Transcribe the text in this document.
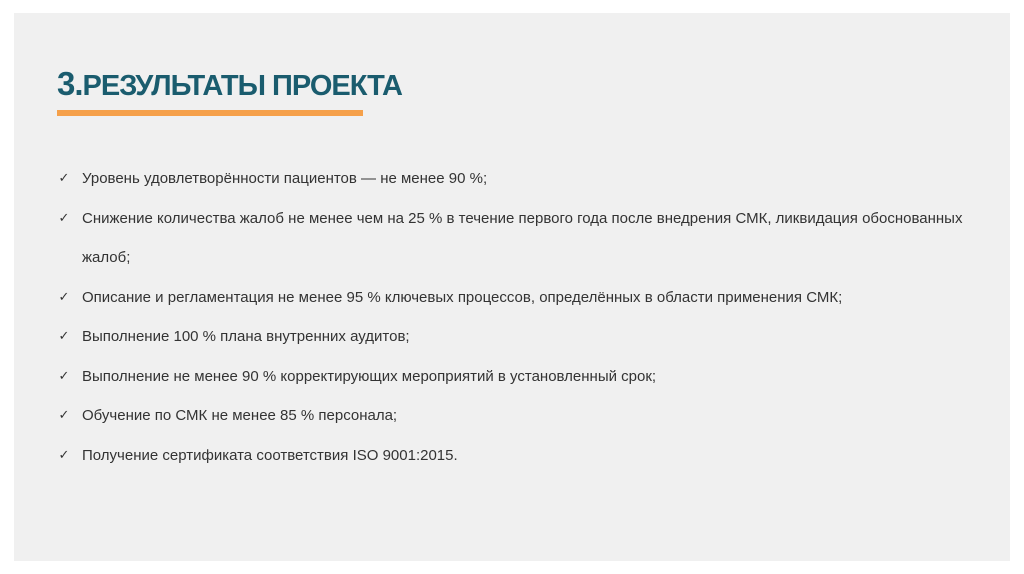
3.РЕЗУЛЬТАТЫ ПРОЕКТА
✓ Уровень удовлетворённости пациентов — не менее 90 %;
✓ Снижение количества жалоб не менее чем на 25 % в течение первого года после внедрения СМК, ликвидация обоснованных жалоб;
✓ Описание и регламентация не менее 95 % ключевых процессов, определённых в области применения СМК;
✓ Выполнение 100 % плана внутренних аудитов;
✓ Выполнение не менее 90 % корректирующих мероприятий в установленный срок;
✓ Обучение по СМК не менее 85 % персонала;
✓ Получение сертификата соответствия ISO 9001:2015.
